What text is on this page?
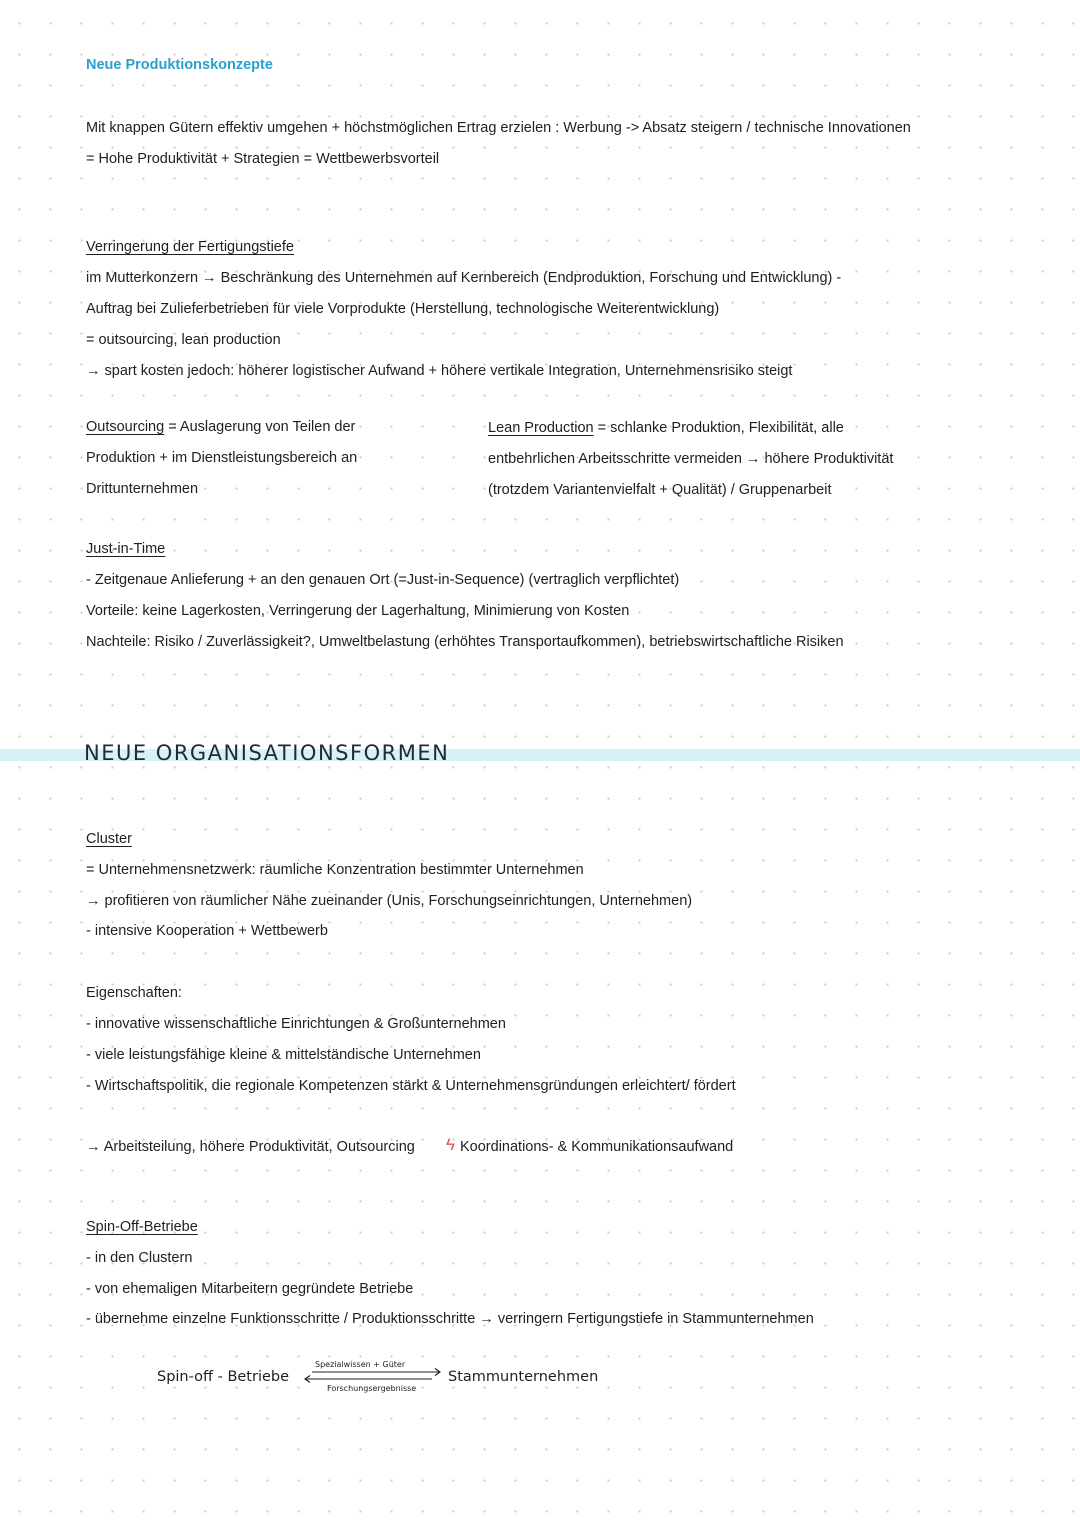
Neue Produktionskonzepte
Mit knappen Gütern effektiv umgehen + höchstmöglichen Ertrag erzielen : Werbung -> Absatz steigern / technische Innovationen
= Hohe Produktivität + Strategien = Wettbewerbsvorteil
Verringerung der Fertigungstiefe
im Mutterkonzern → Beschränkung des Unternehmen auf Kernbereich (Endproduktion, Forschung und Entwicklung) -
Auftrag bei Zulieferbetrieben für viele Vorprodukte (Herstellung, technologische Weiterentwicklung)
= outsourcing, lean production
→ spart kosten jedoch: höherer logistischer Aufwand + höhere vertikale Integration, Unternehmensrisiko steigt
Outsourcing = Auslagerung von Teilen der
Produktion + im Dienstleistungsbereich an
Drittunternehmen
Lean Production = schlanke Produktion, Flexibilität, alle
entbehrlichen Arbeitsschritte vermeiden → höhere Produktivität
(trotzdem Variantenvielfalt + Qualität) / Gruppenarbeit
Just-in-Time
- Zeitgenaue Anlieferung + an den genauen Ort (=Just-in-Sequence) (vertraglich verpflichtet)
Vorteile: keine Lagerkosten, Verringerung der Lagerhaltung, Minimierung von Kosten
Nachteile: Risiko / Zuverlässigkeit?, Umweltbelastung (erhöhtes Transportaufkommen), betriebswirtschaftliche Risiken
NEUE ORGANISATIONSFORMEN
Cluster
= Unternehmensnetzwerk: räumliche Konzentration bestimmter Unternehmen
→ profitieren von räumlicher Nähe zueinander (Unis, Forschungseinrichtungen, Unternehmen)
- intensive Kooperation + Wettbewerb
Eigenschaften:
- innovative wissenschaftliche Einrichtungen & Großunternehmen
- viele leistungsfähige kleine & mittelständische Unternehmen
- Wirtschaftspolitik, die regionale Kompetenzen stärkt & Unternehmensgründungen erleichtert/ fördert
→ Arbeitsteilung, höhere Produktivität, Outsourcing ϟ Koordinations- & Kommunikationsaufwand
Spin-Off-Betriebe
- in den Clustern
- von ehemaligen Mitarbeitern gegründete Betriebe
- übernehme einzelne Funktionsschritte / Produktionsschritte → verringern Fertigungstiefe in Stammunternehmen
Spin-off - Betriebe
Spezialwissen + Güter
Forschungsergebnisse
Stammunternehmen
